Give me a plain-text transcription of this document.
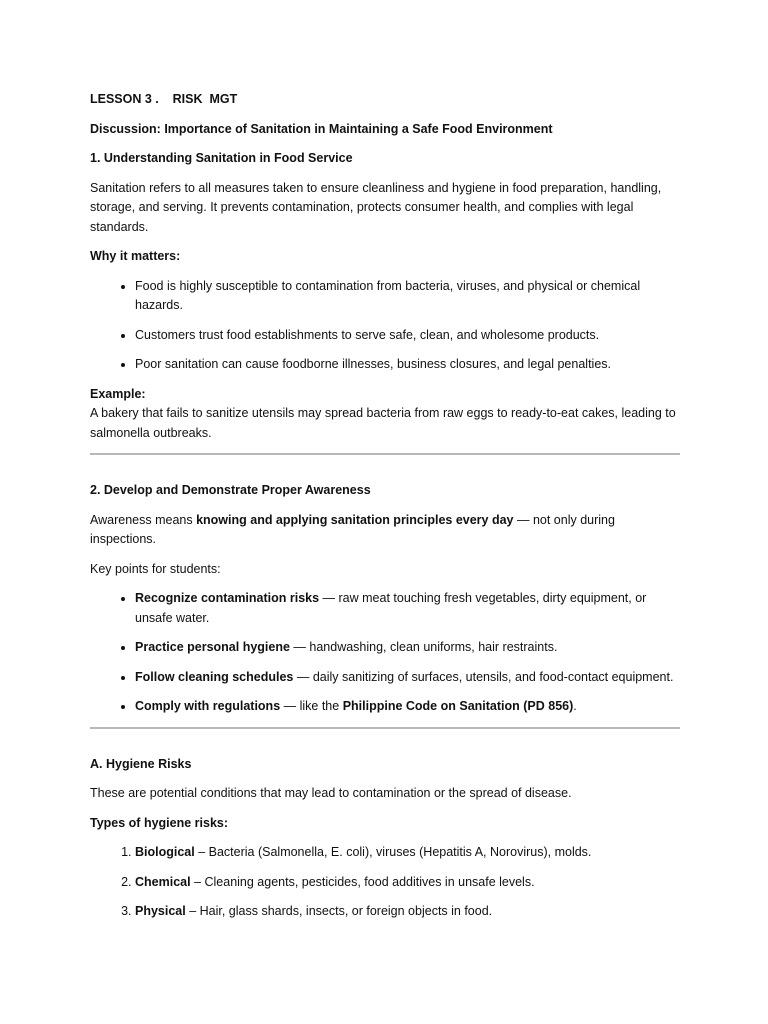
LESSON 3 .    RISK  MGT

Discussion: Importance of Sanitation in Maintaining a Safe Food Environment

1. Understanding Sanitation in Food Service

Sanitation refers to all measures taken to ensure cleanliness and hygiene in food preparation, handling, storage, and serving. It prevents contamination, protects consumer health, and complies with legal standards.

Why it matters:

• Food is highly susceptible to contamination from bacteria, viruses, and physical or chemical hazards.
• Customers trust food establishments to serve safe, clean, and wholesome products.
• Poor sanitation can cause foodborne illnesses, business closures, and legal penalties.

Example:

A bakery that fails to sanitize utensils may spread bacteria from raw eggs to ready-to-eat cakes, leading to salmonella outbreaks.

2. Develop and Demonstrate Proper Awareness

Awareness means knowing and applying sanitation principles every day — not only during inspections.

Key points for students:

• Recognize contamination risks — raw meat touching fresh vegetables, dirty equipment, or unsafe water.
• Practice personal hygiene — handwashing, clean uniforms, hair restraints.
• Follow cleaning schedules — daily sanitizing of surfaces, utensils, and food-contact equipment.
• Comply with regulations — like the Philippine Code on Sanitation (PD 856).

A. Hygiene Risks

These are potential conditions that may lead to contamination or the spread of disease.

Types of hygiene risks:

1. Biological – Bacteria (Salmonella, E. coli), viruses (Hepatitis A, Norovirus), molds.
2. Chemical – Cleaning agents, pesticides, food additives in unsafe levels.
3. Physical – Hair, glass shards, insects, or foreign objects in food.
